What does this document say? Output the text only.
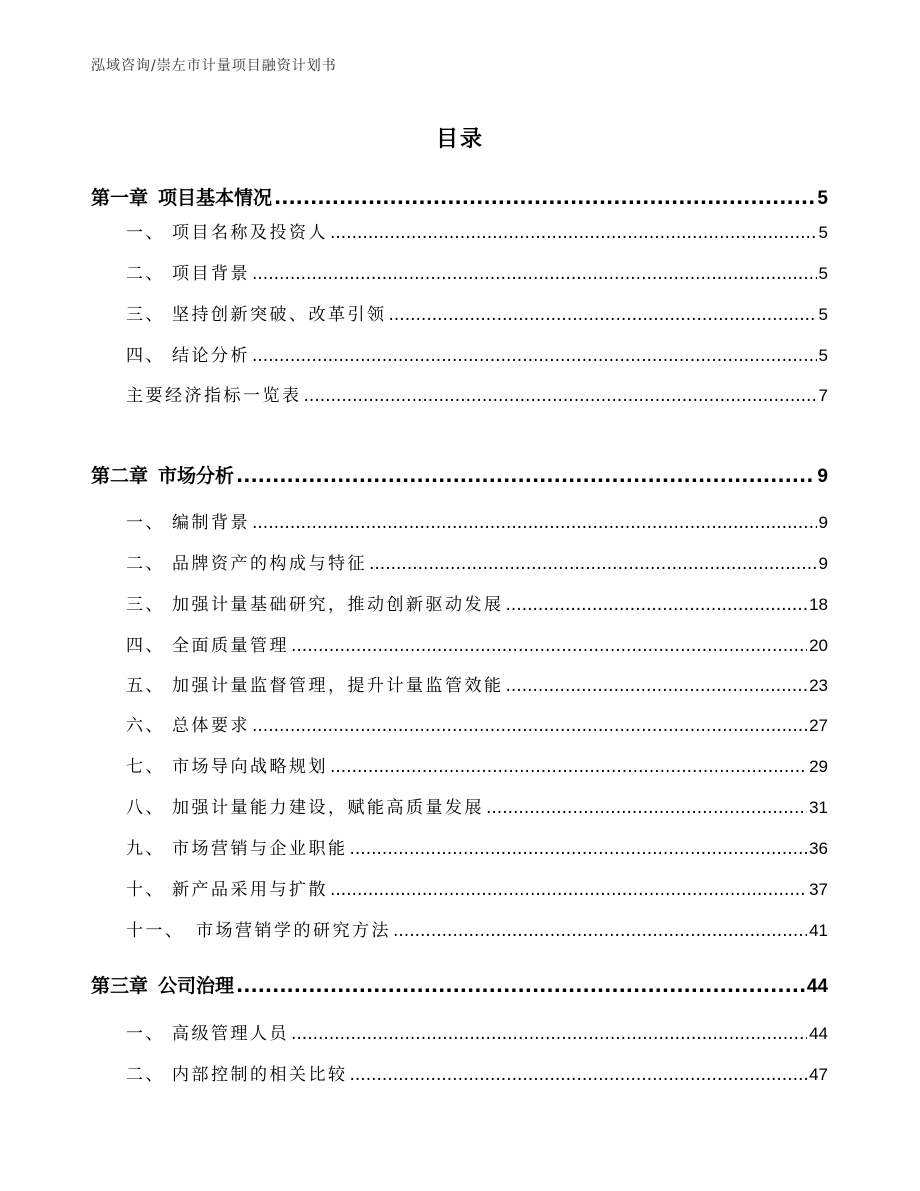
泓域咨询/崇左市计量项目融资计划书
目录
第一章 项目基本情况 .....	5
一、 项目名称及投资人 .....	5
二、 项目背景 .....	5
三、 坚持创新突破、改革引领 .....	5
四、 结论分析 .....	5
主要经济指标一览表 .....	7
第二章 市场分析 .....	9
一、 编制背景 .....	9
二、 品牌资产的构成与特征 .....	9
三、 加强计量基础研究，推动创新驱动发展 .....	18
四、 全面质量管理 .....	20
五、 加强计量监督管理，提升计量监管效能 .....	23
六、 总体要求 .....	27
七、 市场导向战略规划 .....	29
八、 加强计量能力建设，赋能高质量发展 .....	31
九、 市场营销与企业职能 .....	36
十、 新产品采用与扩散 .....	37
十一、 市场营销学的研究方法 .....	41
第三章 公司治理 .....	44
一、 高级管理人员 .....	44
二、 内部控制的相关比较 .....	47
